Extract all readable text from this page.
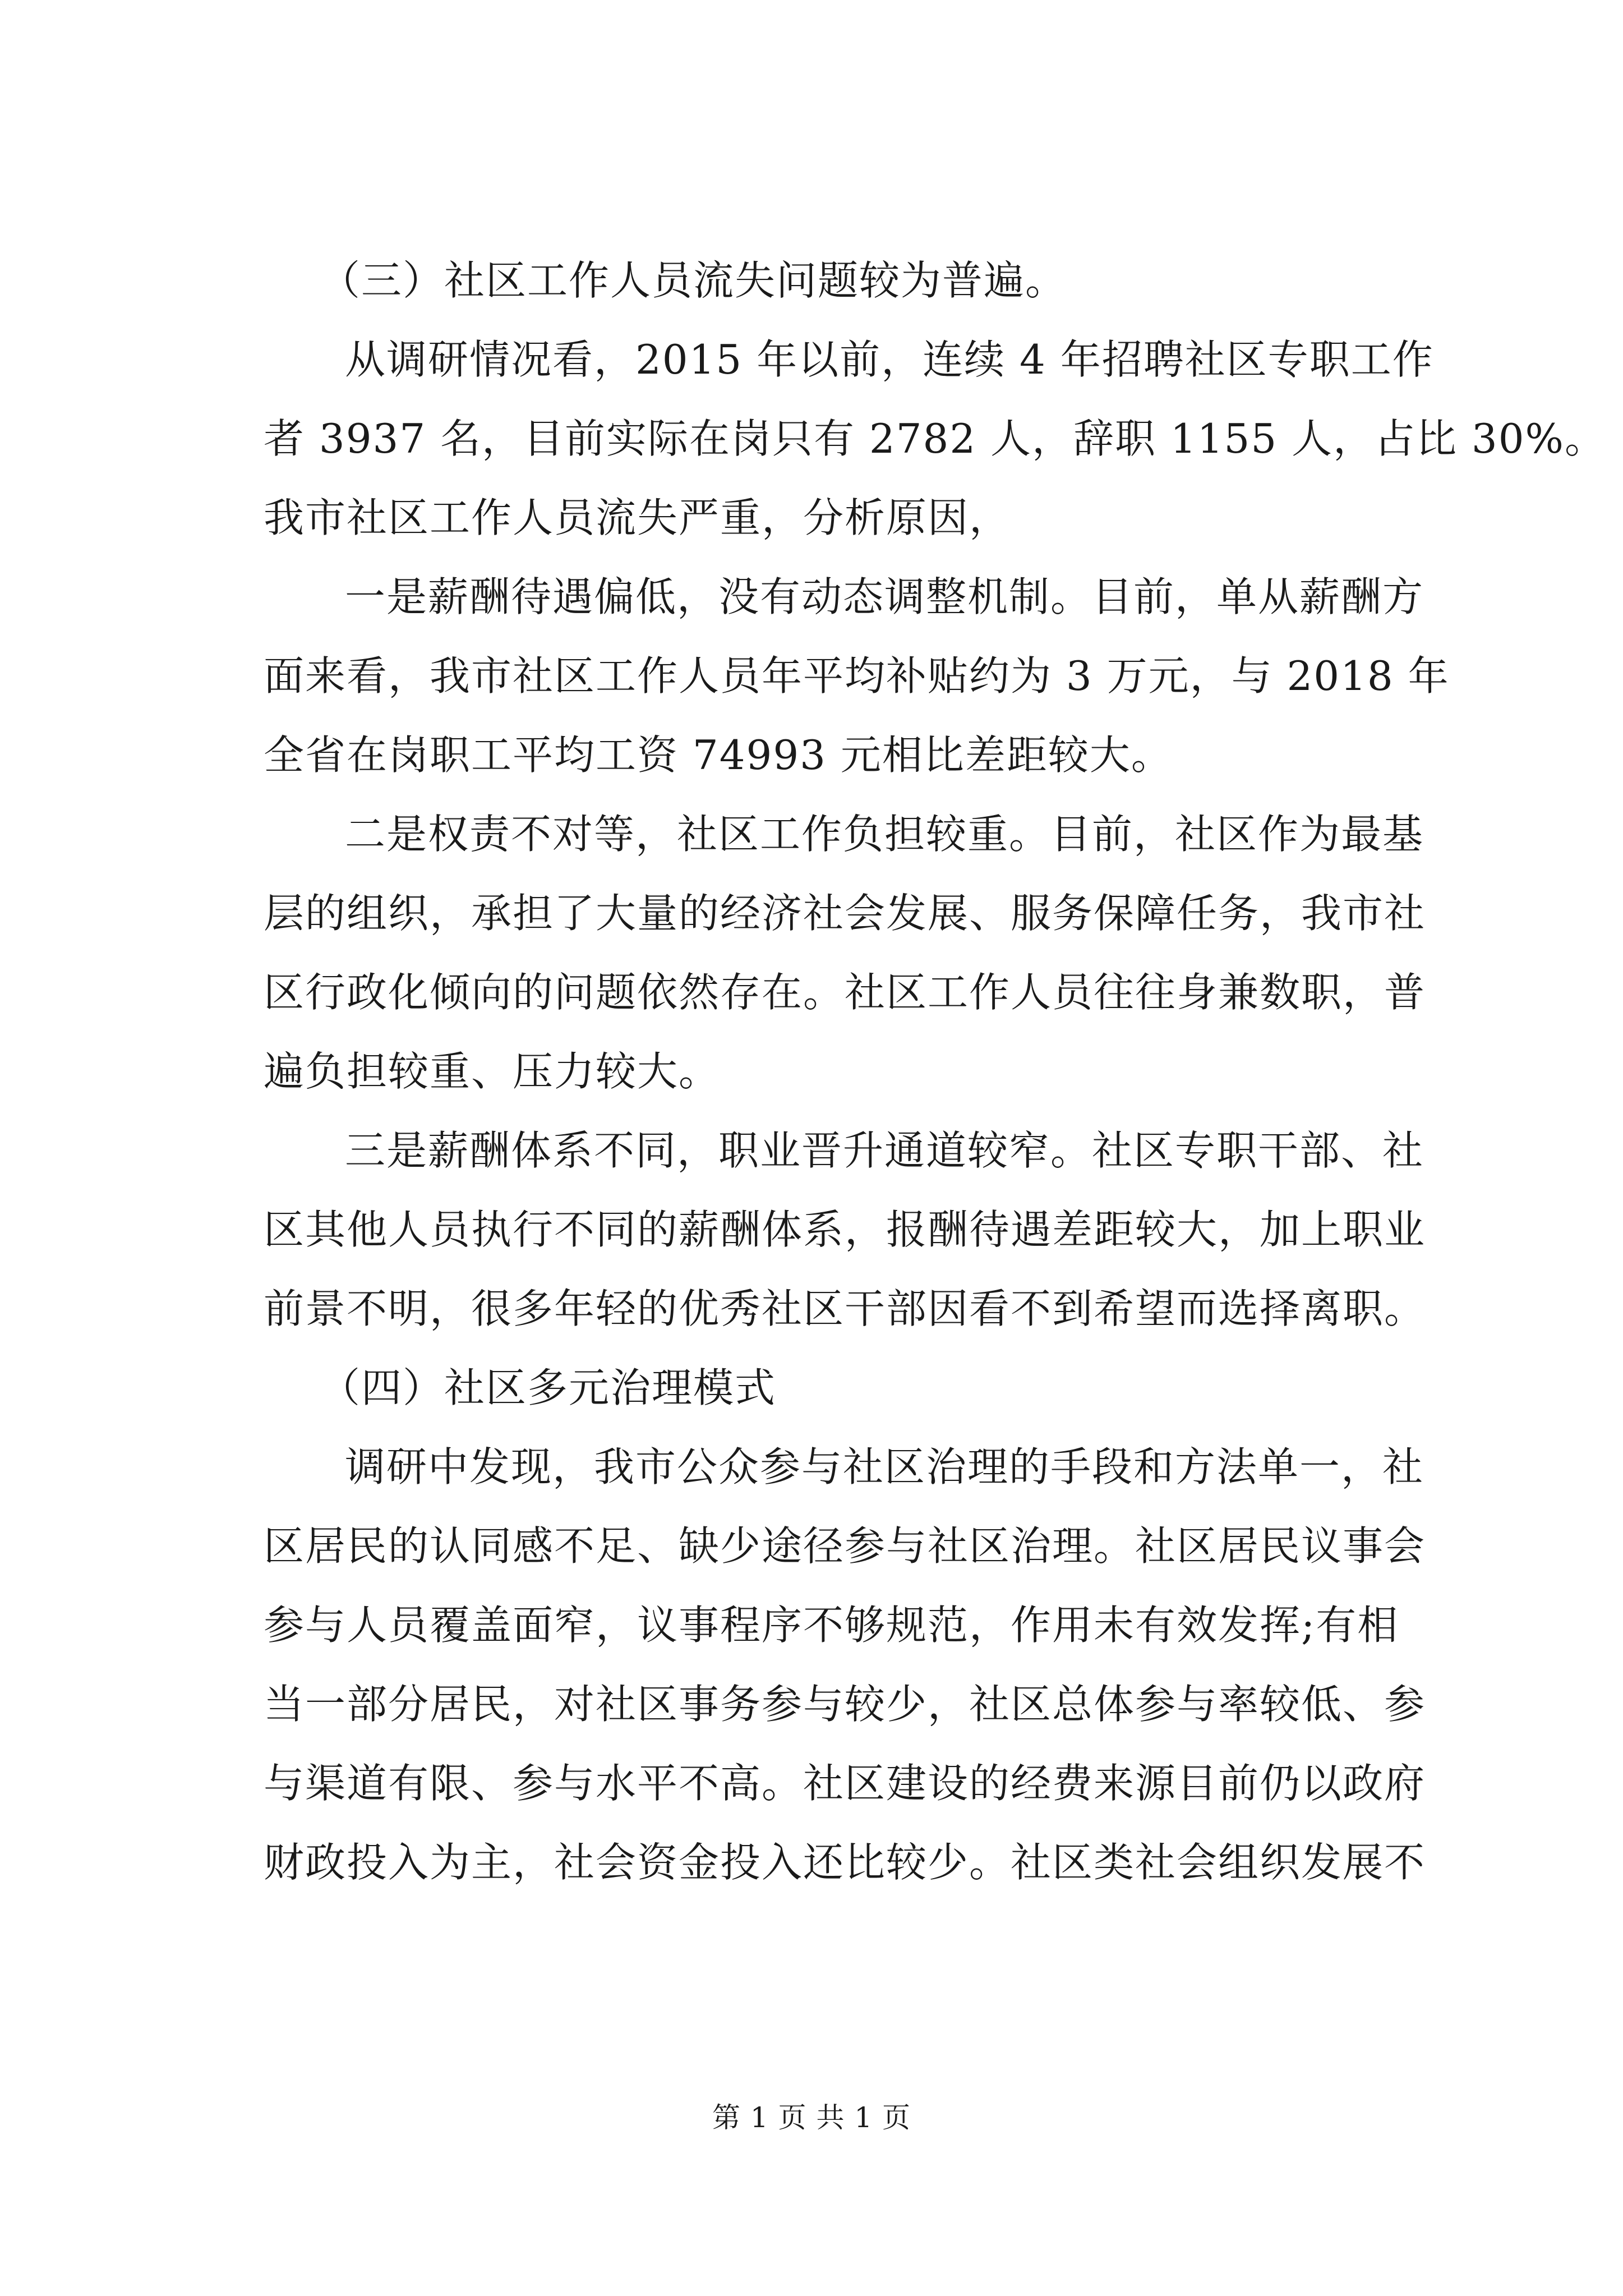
（三）社区工作人员流失问题较为普遍。
从调研情况看，2015 年以前，连续 4 年招聘社区专职工作
者 3937 名，目前实际在岗只有 2782 人，辞职 1155 人，占比 30%。
我市社区工作人员流失严重，分析原因，
一是薪酬待遇偏低，没有动态调整机制。目前，单从薪酬方
面来看，我市社区工作人员年平均补贴约为 3 万元，与 2018 年
全省在岗职工平均工资 74993 元相比差距较大。
二是权责不对等，社区工作负担较重。目前，社区作为最基
层的组织，承担了大量的经济社会发展、服务保障任务，我市社
区行政化倾向的问题依然存在。社区工作人员往往身兼数职，普
遍负担较重、压力较大。
三是薪酬体系不同，职业晋升通道较窄。社区专职干部、社
区其他人员执行不同的薪酬体系，报酬待遇差距较大，加上职业
前景不明，很多年轻的优秀社区干部因看不到希望而选择离职。
（四）社区多元治理模式
调研中发现，我市公众参与社区治理的手段和方法单一，社
区居民的认同感不足、缺少途径参与社区治理。社区居民议事会
参与人员覆盖面窄，议事程序不够规范，作用未有效发挥;有相
当一部分居民，对社区事务参与较少，社区总体参与率较低、参
与渠道有限、参与水平不高。社区建设的经费来源目前仍以政府
财政投入为主，社会资金投入还比较少。社区类社会组织发展不
第 1 页 共 1 页
